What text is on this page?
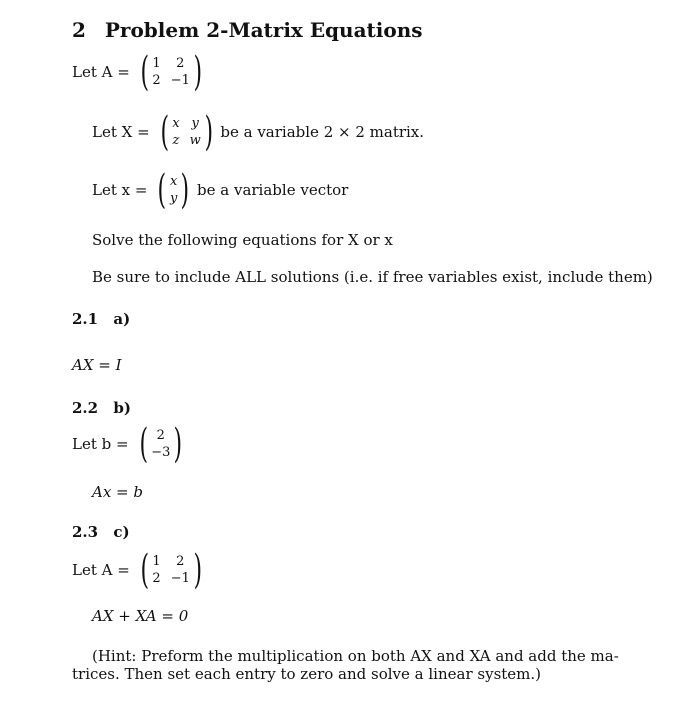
2 Problem 2-Matrix Equations
Let A = ( 1	2
2 −1 )
Let X = ( x y
z w ) be a variable 2 × 2 matrix.
Let x = ( x
y ) be a variable vector
Solve the following equations for X or x
Be sure to include ALL solutions (i.e. if free variables exist, include them)
2.1 a)
AX = I
2.2 b)
Let b = ( 2
−3 )
Ax = b
2.3 c)
Let A = ( 1	2
2 −1 )
AX + XA = 0
(Hint: Preform the multiplication on both AX and XA and add the ma-
trices. Then set each entry to zero and solve a linear system.)
